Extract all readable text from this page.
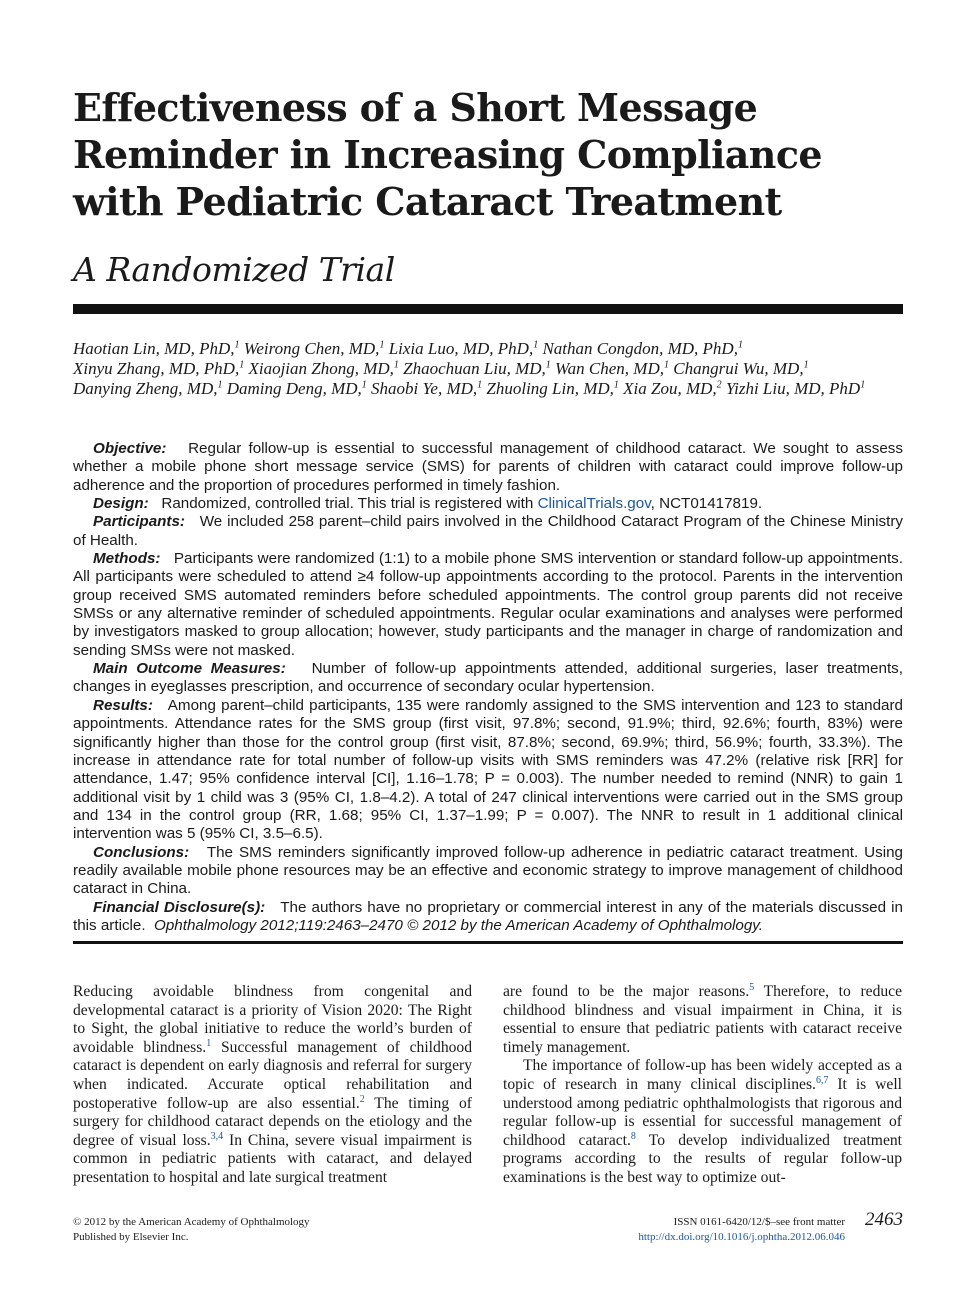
Effectiveness of a Short Message Reminder in Increasing Compliance with Pediatric Cataract Treatment
A Randomized Trial
Haotian Lin, MD, PhD,$^1$ Weirong Chen, MD,$^1$ Lixia Luo, MD, PhD,$^1$ Nathan Congdon, MD, PhD,$^1$ Xinyu Zhang, MD, PhD,$^1$ Xiaojian Zhong, MD,$^1$ Zhaochuan Liu, MD,$^1$ Wan Chen, MD,$^1$ Changrui Wu, MD,$^1$ Danying Zheng, MD,$^1$ Daming Deng, MD,$^1$ Shaobi Ye, MD,$^1$ Zhuoling Lin, MD,$^1$ Xia Zou, MD,$^2$ Yizhi Liu, MD, PhD$^1$

Objective: Regular follow-up is essential to successful management of childhood cataract. We sought to assess whether a mobile phone short message service (SMS) for parents of children with cataract could improve follow-up adherence and the proportion of procedures performed in timely fashion.

Design: Randomized, controlled trial. This trial is registered with ClinicalTrials.gov, NCT01417819.

Participants: We included 258 parent–child pairs involved in the Childhood Cataract Program of the Chinese Ministry of Health.

Methods: Participants were randomized (1:1) to a mobile phone SMS intervention or standard follow-up appointments. All participants were scheduled to attend ≥4 follow-up appointments according to the protocol. Parents in the intervention group received SMS automated reminders before scheduled appointments. The control group parents did not receive SMSs or any alternative reminder of scheduled appointments. Regular ocular examinations and analyses were performed by investigators masked to group allocation; however, study participants and the manager in charge of randomization and sending SMSs were not masked.

Main Outcome Measures: Number of follow-up appointments attended, additional surgeries, laser treatments, changes in eyeglasses prescription, and occurrence of secondary ocular hypertension.

Results: Among parent–child participants, 135 were randomly assigned to the SMS intervention and 123 to standard appointments. Attendance rates for the SMS group (first visit, 97.8%; second, 91.9%; third, 92.6%; fourth, 83%) were significantly higher than those for the control group (first visit, 87.8%; second, 69.9%; third, 56.9%; fourth, 33.3%). The increase in attendance rate for total number of follow-up visits with SMS reminders was 47.2% (relative risk [RR] for attendance, 1.47; 95% confidence interval [CI], 1.16–1.78; P = 0.003). The number needed to remind (NNR) to gain 1 additional visit by 1 child was 3 (95% CI, 1.8–4.2). A total of 247 clinical interventions were carried out in the SMS group and 134 in the control group (RR, 1.68; 95% CI, 1.37–1.99; P = 0.007). The NNR to result in 1 additional clinical intervention was 5 (95% CI, 3.5–6.5).

Conclusions: The SMS reminders significantly improved follow-up adherence in pediatric cataract treatment. Using readily available mobile phone resources may be an effective and economic strategy to improve management of childhood cataract in China.

Financial Disclosure(s): The authors have no proprietary or commercial interest in any of the materials discussed in this article. Ophthalmology 2012;119:2463–2470 © 2012 by the American Academy of Ophthalmology.

Reducing avoidable blindness from congenital and developmental cataract is a priority of Vision 2020: The Right to Sight, the global initiative to reduce the world’s burden of avoidable blindness.$^1$ Successful management of childhood cataract is dependent on early diagnosis and referral for surgery when indicated. Accurate optical rehabilitation and postoperative follow-up are also essential.$^2$ The timing of surgery for childhood cataract depends on the etiology and the degree of visual loss.$^{3,4}$ In China, severe visual impairment is common in pediatric patients with cataract, and delayed presentation to hospital and late surgical treatment

are found to be the major reasons.$^5$ Therefore, to reduce childhood blindness and visual impairment in China, it is essential to ensure that pediatric patients with cataract receive timely management.

The importance of follow-up has been widely accepted as a topic of research in many clinical disciplines.$^{6,7}$ It is well understood among pediatric ophthalmologists that rigorous and regular follow-up is essential for successful management of childhood cataract.$^8$ To develop individualized treatment programs according to the results of regular follow-up examinations is the best way to optimize out-

© 2012 by the American Academy of Ophthalmology
Published by Elsevier Inc.
ISSN 0161-6420/12/$–see front matter
http://dx.doi.org/10.1016/j.ophtha.2012.06.046
2463
